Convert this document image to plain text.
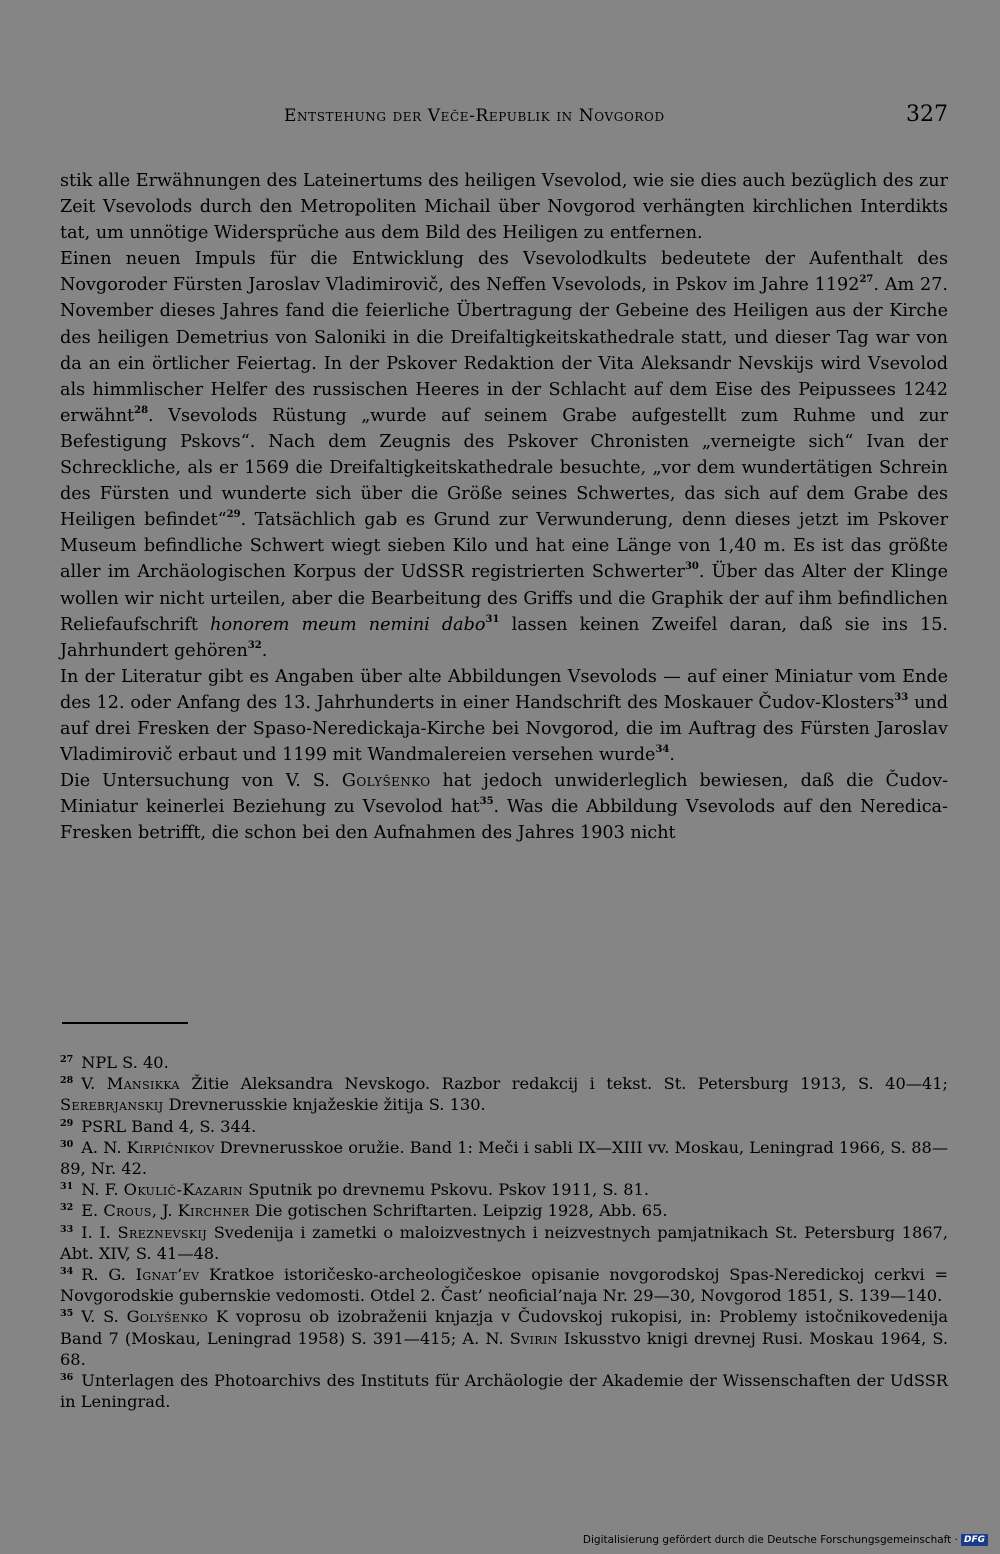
Entstehung der Veče-Republik in Novgorod	327

stik alle Erwähnungen des Lateinertums des heiligen Vsevolod, wie sie dies auch bezüglich des zur Zeit Vsevolods durch den Metropoliten Michail über Novgorod verhängten kirchlichen Interdikts tat, um unnötige Widersprüche aus dem Bild des Heiligen zu entfernen.

Einen neuen Impuls für die Entwicklung des Vsevolodkults bedeutete der Aufenthalt des Novgoroder Fürsten Jaroslav Vladimirovič, des Neffen Vsevolods, in Pskov im Jahre 1192$^{27}$. Am 27. November dieses Jahres fand die feierliche Übertragung der Gebeine des Heiligen aus der Kirche des heiligen Demetrius von Saloniki in die Dreifaltigkeitskathedrale statt, und dieser Tag war von da an ein örtlicher Feiertag. In der Pskover Redaktion der Vita Aleksandr Nevskijs wird Vsevolod als himmlischer Helfer des russischen Heeres in der Schlacht auf dem Eise des Peipussees 1242 erwähnt$^{28}$. Vsevolods Rüstung „wurde auf seinem Grabe aufgestellt zum Ruhme und zur Befestigung Pskovs“. Nach dem Zeugnis des Pskover Chronisten „verneigte sich“ Ivan der Schreckliche, als er 1569 die Dreifaltigkeitskathedrale besuchte, „vor dem wundertätigen Schrein des Fürsten und wunderte sich über die Größe seines Schwertes, das sich auf dem Grabe des Heiligen befindet“$^{29}$. Tatsächlich gab es Grund zur Verwunderung, denn dieses jetzt im Pskover Museum befindliche Schwert wiegt sieben Kilo und hat eine Länge von 1,40 m. Es ist das größte aller im Archäologischen Korpus der UdSSR registrierten Schwerter$^{30}$. Über das Alter der Klinge wollen wir nicht urteilen, aber die Bearbeitung des Griffs und die Graphik der auf ihm befindlichen Reliefaufschrift honorem meum nemini dabo$^{31}$ lassen keinen Zweifel daran, daß sie ins 15. Jahrhundert gehören$^{32}$.

In der Literatur gibt es Angaben über alte Abbildungen Vsevolods — auf einer Miniatur vom Ende des 12. oder Anfang des 13. Jahrhunderts in einer Handschrift des Moskauer Čudov-Klosters$^{33}$ und auf drei Fresken der Spaso-Neredickaja-Kirche bei Novgorod, die im Auftrag des Fürsten Jaroslav Vladimirovič erbaut und 1199 mit Wandmalereien versehen wurde$^{34}$.

Die Untersuchung von V. S. Golyšenko hat jedoch unwiderleglich bewiesen, daß die Čudov-Miniatur keinerlei Beziehung zu Vsevolod hat$^{35}$. Was die Abbildung Vsevolods auf den Neredica-Fresken betrifft, die schon bei den Aufnahmen des Jahres 1903 nicht

$^{27}$ NPL S. 40.

$^{28}$ V. Mansikka Žitie Aleksandra Nevskogo. Razbor redakcij i tekst. St. Petersburg 1913, S. 40—41; Serebrjanskij Drevnerusskie knjažeskie žitija S. 130.

$^{29}$ PSRL Band 4, S. 344.

$^{30}$ A. N. Kirpičnikov Drevnerusskoe oružie. Band 1: Meči i sabli IX—XIII vv. Moskau, Leningrad 1966, S. 88—89, Nr. 42.

$^{31}$ N. F. Okulič-Kazarin Sputnik po drevnemu Pskovu. Pskov 1911, S. 81.

$^{32}$ E. Crous, J. Kirchner Die gotischen Schriftarten. Leipzig 1928, Abb. 65.

$^{33}$ I. I. Sreznevskij Svedenija i zametki o maloizvestnych i neizvestnych pamjatnikach St. Petersburg 1867, Abt. XIV, S. 41—48.

$^{34}$ R. G. Ignat’ev Kratkoe istoričesko-archeologičeskoe opisanie novgorodskoj Spas-Neredickoj cerkvi = Novgorodskie gubernskie vedomosti. Otdel 2. Čast’ neoficial’naja Nr. 29—30, Novgorod 1851, S. 139—140.

$^{35}$ V. S. Golyšenko K voprosu ob izobraženii knjazja v Čudovskoj rukopisi, in: Problemy istočnikovedenija Band 7 (Moskau, Leningrad 1958) S. 391—415; A. N. Svirin Iskusstvo knigi drevnej Rusi. Moskau 1964, S. 68.

$^{36}$ Unterlagen des Photoarchivs des Instituts für Archäologie der Akademie der Wissenschaften der UdSSR in Leningrad.

Digitalisierung gefördert durch die Deutsche Forschungsgemeinschaft · DFG
